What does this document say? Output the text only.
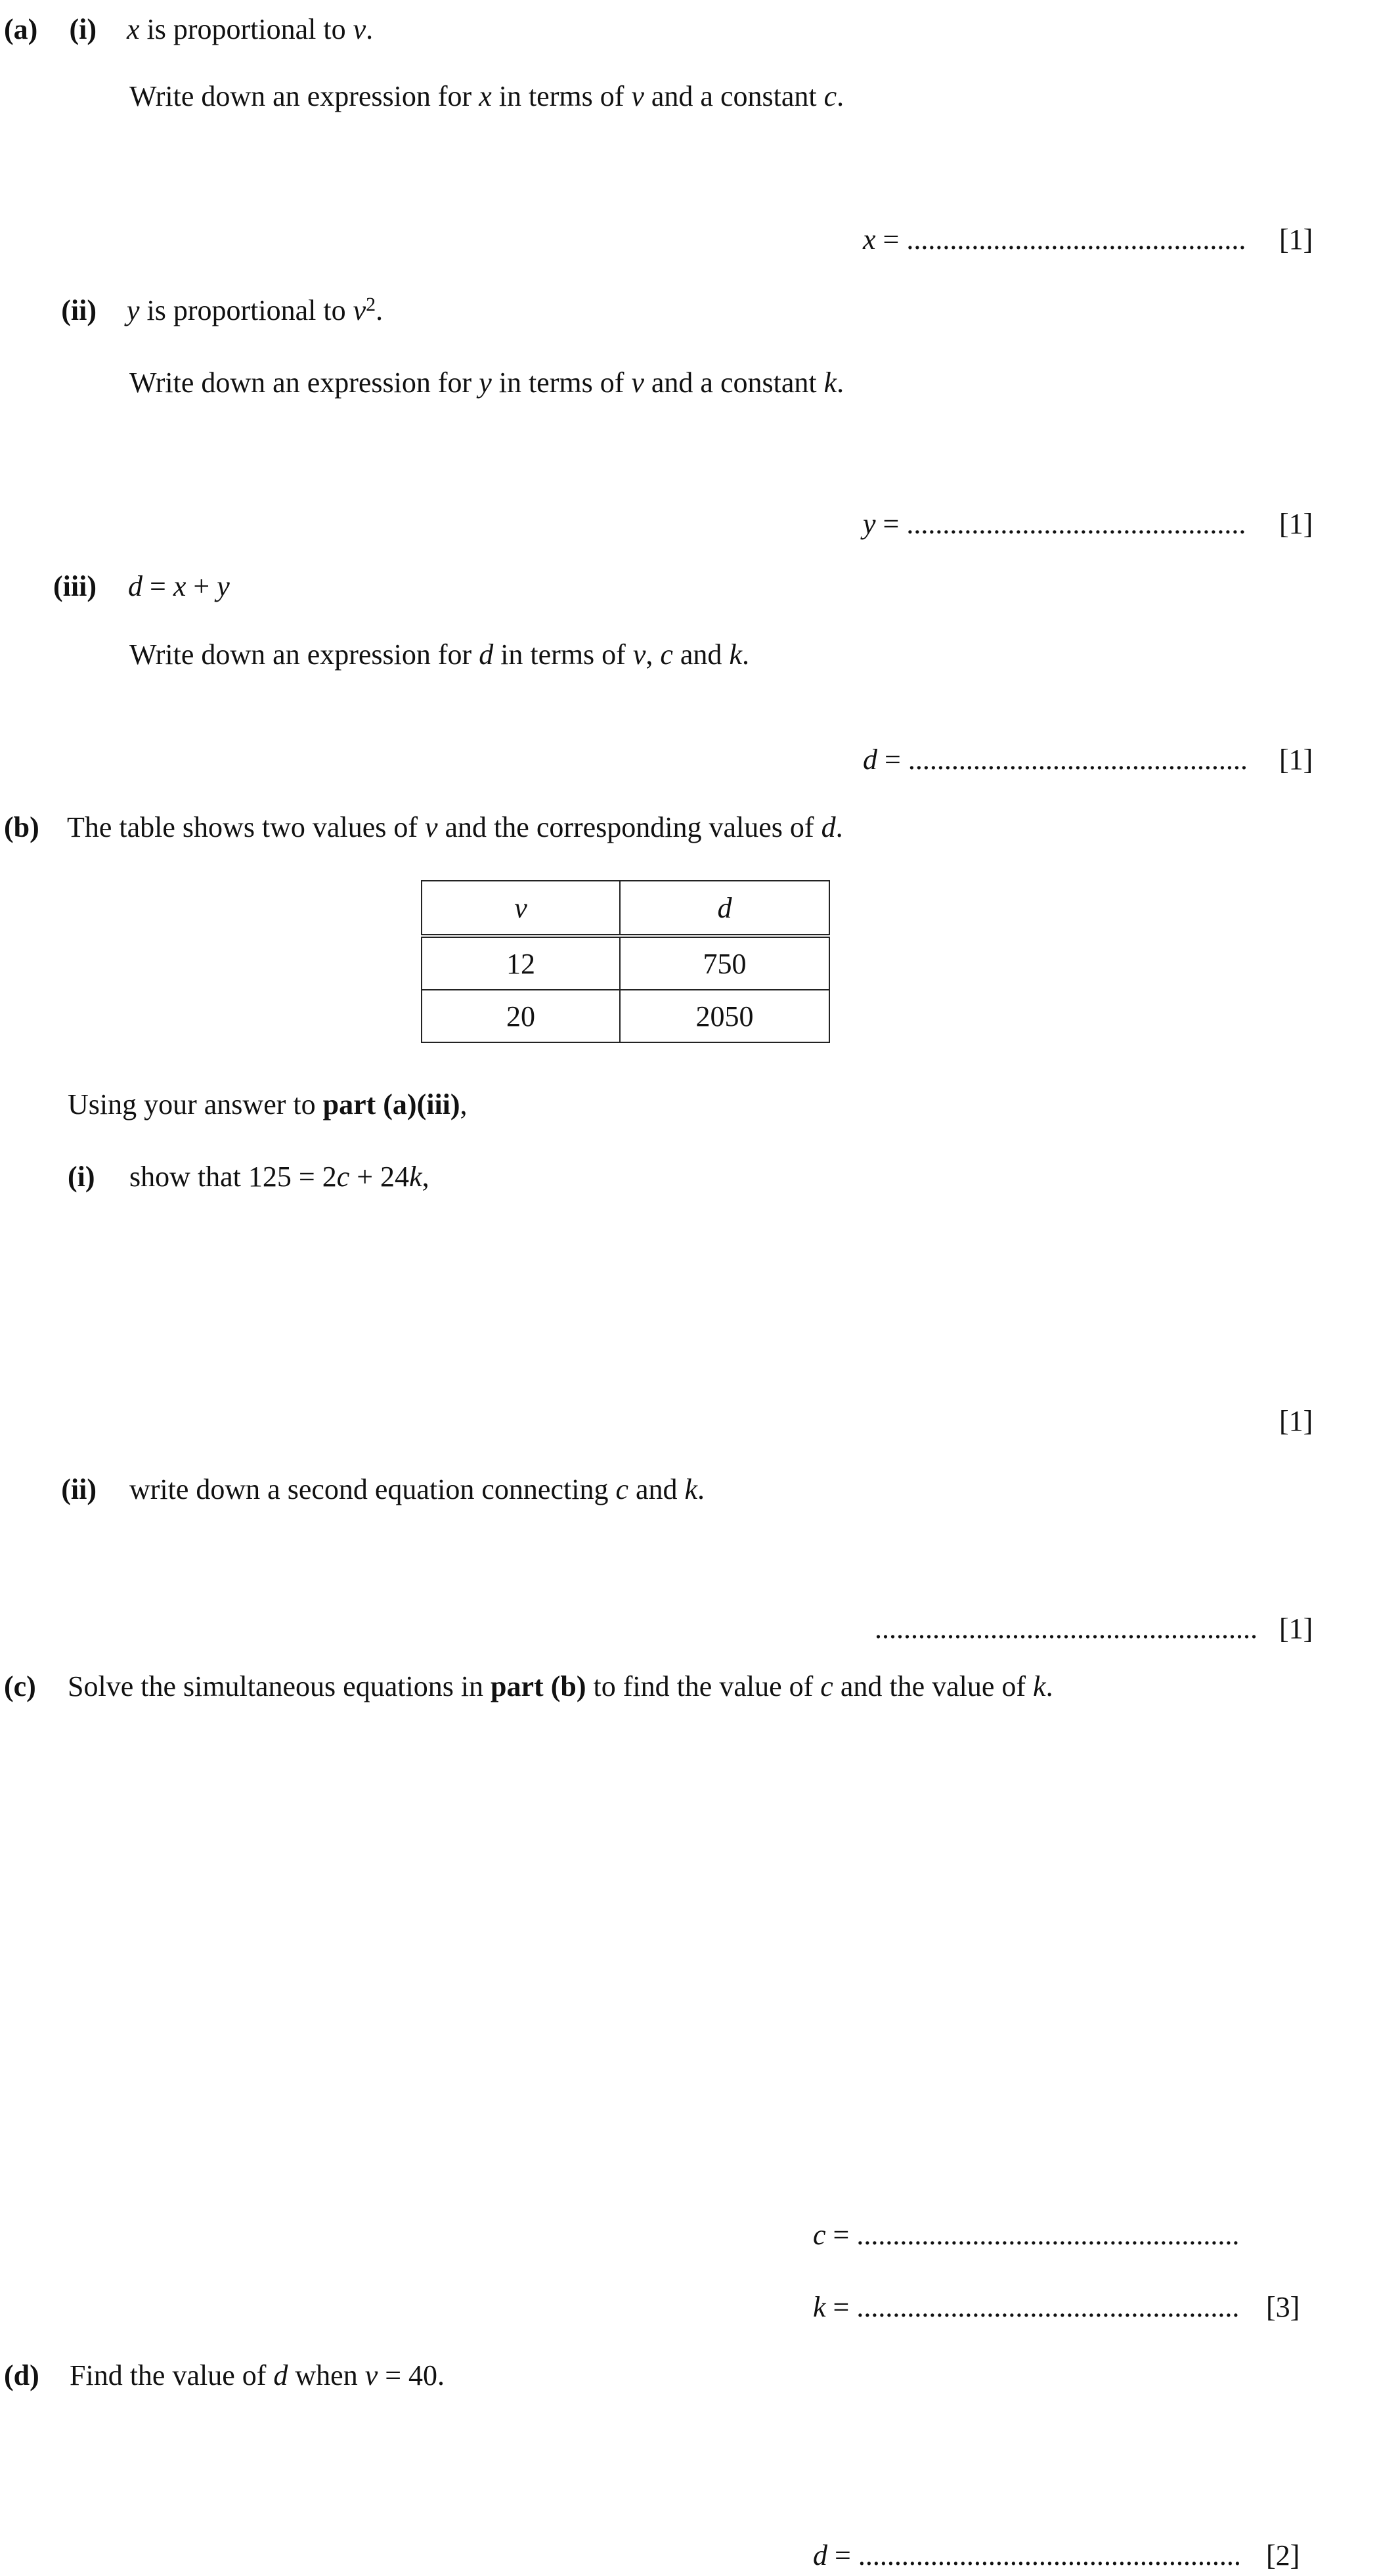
(a)	(i) x is proportional to v.
Write down an expression for x in terms of v and a constant c.
x = ............................................... [1]
(ii) y is proportional to $v^2$.
Write down an expression for y in terms of v and a constant k.
y = ............................................... [1]
(iii) d = x + y
Write down an expression for d in terms of v, c and k.
d = ............................................... [1]
(b) The table shows two values of v and the corresponding values of d.
v	d
12	750
20	2050
Using your answer to part (a)(iii),
(i) show that 125 = 2c + 24k,
[1]
(ii) write down a second equation connecting c and k.
..................................................... [1]
(c) Solve the simultaneous equations in part (b) to find the value of c and the value of k.
c = .....................................................
k = ..................................................... [3]
(d) Find the value of d when v = 40.
d = ..................................................... [2]
